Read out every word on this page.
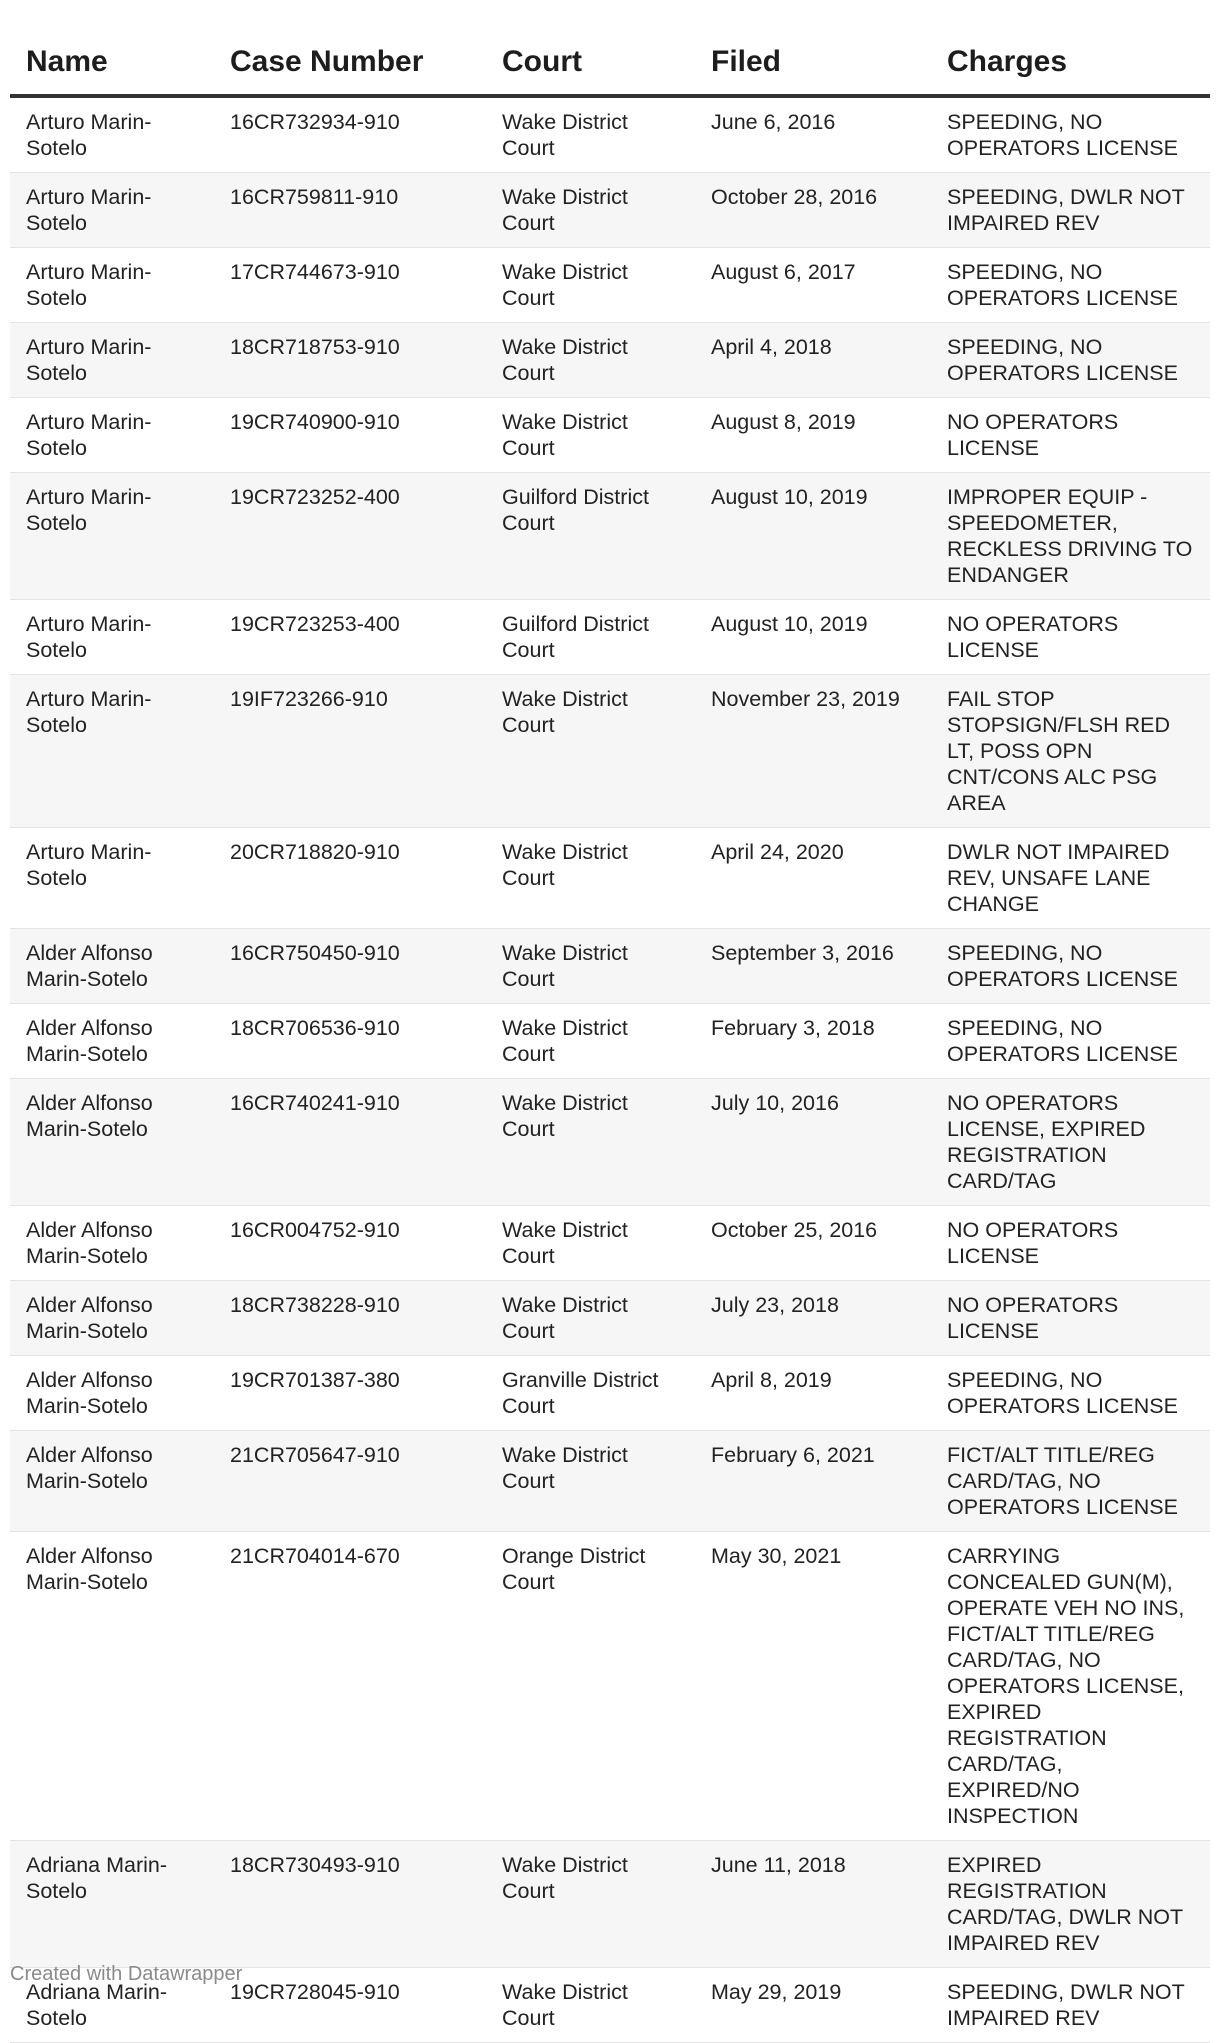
Name	Case Number	Court	Filed	Charges
Arturo Marin-Sotelo	16CR732934-910	Wake District Court	June 6, 2016	SPEEDING, NO OPERATORS LICENSE
Arturo Marin-Sotelo	16CR759811-910	Wake District Court	October 28, 2016	SPEEDING, DWLR NOT IMPAIRED REV
Arturo Marin-Sotelo	17CR744673-910	Wake District Court	August 6, 2017	SPEEDING, NO OPERATORS LICENSE
Arturo Marin-Sotelo	18CR718753-910	Wake District Court	April 4, 2018	SPEEDING, NO OPERATORS LICENSE
Arturo Marin-Sotelo	19CR740900-910	Wake District Court	August 8, 2019	NO OPERATORS LICENSE
Arturo Marin-Sotelo	19CR723252-400	Guilford District Court	August 10, 2019	IMPROPER EQUIP - SPEEDOMETER, RECKLESS DRIVING TO ENDANGER
Arturo Marin-Sotelo	19CR723253-400	Guilford District Court	August 10, 2019	NO OPERATORS LICENSE
Arturo Marin-Sotelo	19IF723266-910	Wake District Court	November 23, 2019	FAIL STOP STOPSIGN/FLSH RED LT, POSS OPN CNT/CONS ALC PSG AREA
Arturo Marin-Sotelo	20CR718820-910	Wake District Court	April 24, 2020	DWLR NOT IMPAIRED REV, UNSAFE LANE CHANGE
Alder Alfonso Marin-Sotelo	16CR750450-910	Wake District Court	September 3, 2016	SPEEDING, NO OPERATORS LICENSE
Alder Alfonso Marin-Sotelo	18CR706536-910	Wake District Court	February 3, 2018	SPEEDING, NO OPERATORS LICENSE
Alder Alfonso Marin-Sotelo	16CR740241-910	Wake District Court	July 10, 2016	NO OPERATORS LICENSE, EXPIRED REGISTRATION CARD/TAG
Alder Alfonso Marin-Sotelo	16CR004752-910	Wake District Court	October 25, 2016	NO OPERATORS LICENSE
Alder Alfonso Marin-Sotelo	18CR738228-910	Wake District Court	July 23, 2018	NO OPERATORS LICENSE
Alder Alfonso Marin-Sotelo	19CR701387-380	Granville District Court	April 8, 2019	SPEEDING, NO OPERATORS LICENSE
Alder Alfonso Marin-Sotelo	21CR705647-910	Wake District Court	February 6, 2021	FICT/ALT TITLE/REG CARD/TAG, NO OPERATORS LICENSE
Alder Alfonso Marin-Sotelo	21CR704014-670	Orange District Court	May 30, 2021	CARRYING CONCEALED GUN(M), OPERATE VEH NO INS, FICT/ALT TITLE/REG CARD/TAG, NO OPERATORS LICENSE, EXPIRED REGISTRATION CARD/TAG, EXPIRED/NO INSPECTION
Adriana Marin-Sotelo	18CR730493-910	Wake District Court	June 11, 2018	EXPIRED REGISTRATION CARD/TAG, DWLR NOT IMPAIRED REV
Adriana Marin-Sotelo	19CR728045-910	Wake District Court	May 29, 2019	SPEEDING, DWLR NOT IMPAIRED REV
Created with Datawrapper
